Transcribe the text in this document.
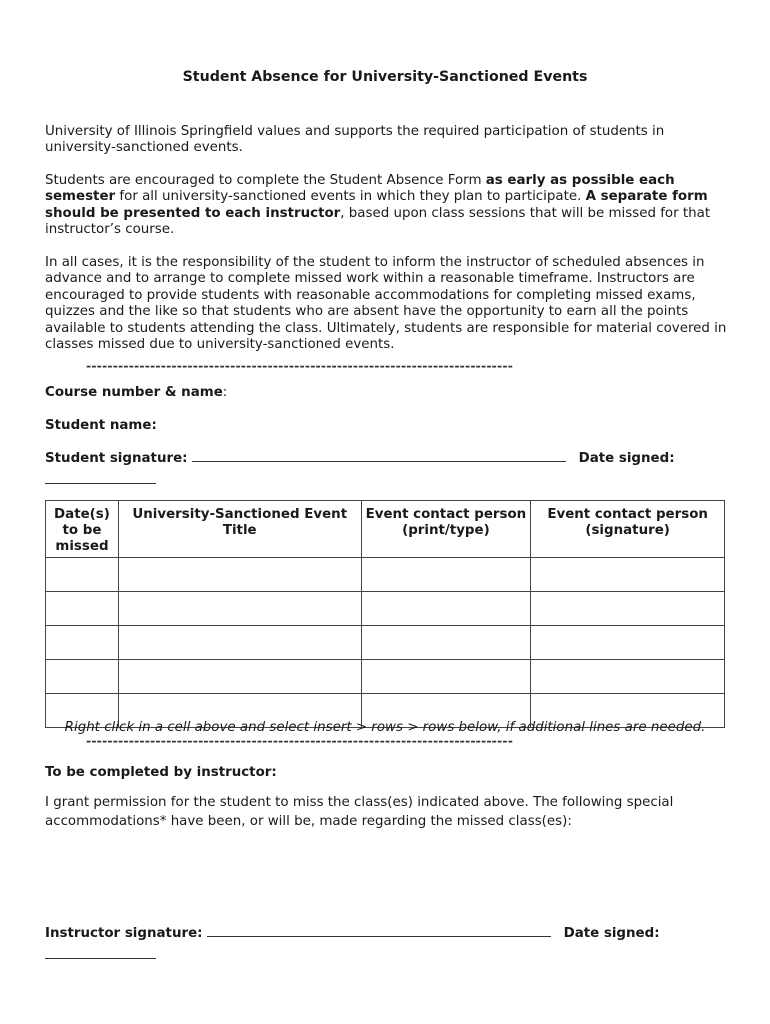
Student Absence for University-Sanctioned Events
University of Illinois Springfield values and supports the required participation of students in university-sanctioned events.
Students are encouraged to complete the Student Absence Form as early as possible each semester for all university-sanctioned events in which they plan to participate. A separate form should be presented to each instructor, based upon class sessions that will be missed for that instructor’s course.
In all cases, it is the responsibility of the student to inform the instructor of scheduled absences in advance and to arrange to complete missed work within a reasonable timeframe. Instructors are encouraged to provide students with reasonable accommodations for completing missed exams, quizzes and the like so that students who are absent have the opportunity to earn all the points available to students attending the class. Ultimately, students are responsible for material covered in classes missed due to university-sanctioned events.
--------------------------------------------------------------------------------
Course number & name:
Student name:
Student signature:	Date signed:
Date(s) to be missed	University-Sanctioned Event Title	Event contact person (print/type)	Event contact person (signature)

Right click in a cell above and select insert > rows > rows below, if additional lines are needed.
--------------------------------------------------------------------------------
To be completed by instructor:
I grant permission for the student to miss the class(es) indicated above. The following special accommodations* have been, or will be, made regarding the missed class(es):
Instructor signature:	Date signed:
